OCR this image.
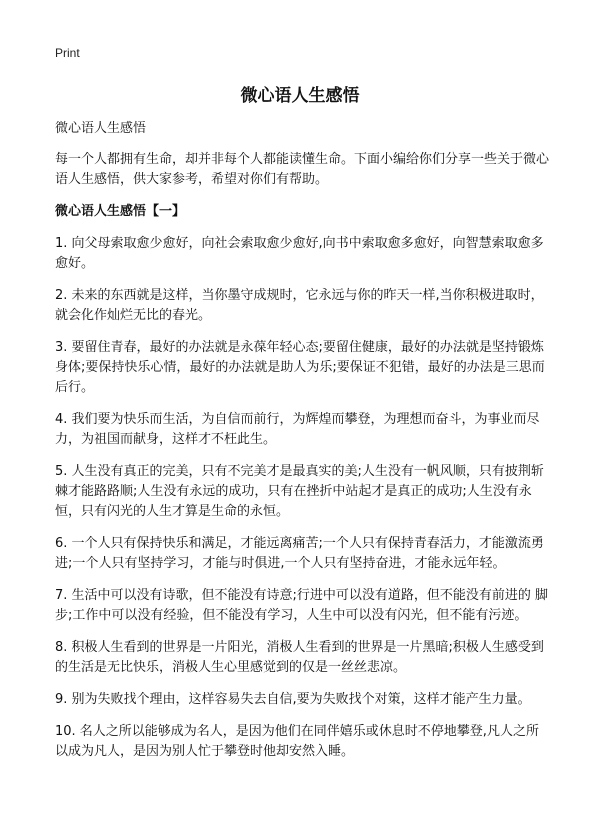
Print
微心语人生感悟

微心语人生感悟

每一个人都拥有生命，却并非每个人都能读懂生命。下面小编给你们分享一些关于微心语人生感悟，供大家参考，希望对你们有帮助。

微心语人生感悟【一】

1. 向父母索取愈少愈好，向社会索取愈少愈好,向书中索取愈多愈好，向智慧索取愈多愈好。

2. 未来的东西就是这样，当你墨守成规时，它永远与你的昨天一样,当你积极进取时，就会化作灿烂无比的春光。

3. 要留住青春，最好的办法就是永葆年轻心态;要留住健康，最好的办法就是坚持锻炼身体;要保持快乐心情，最好的办法就是助人为乐;要保证不犯错，最好的办法是三思而后行。

4. 我们要为快乐而生活，为自信而前行，为辉煌而攀登，为理想而奋斗，为事业而尽力，为祖国而献身，这样才不枉此生。

5. 人生没有真正的完美，只有不完美才是最真实的美;人生没有一帆风顺，只有披荆斩棘才能路路顺;人生没有永远的成功，只有在挫折中站起才是真正的成功;人生没有永恒，只有闪光的人生才算是生命的永恒。

6. 一个人只有保持快乐和满足，才能远离痛苦;一个人只有保持青春活力，才能激流勇进;一个人只有坚持学习，才能与时俱进,一个人只有坚持奋进，才能永远年轻。

7. 生活中可以没有诗歌，但不能没有诗意;行进中可以没有道路，但不能没有前进的 脚步;工作中可以没有经验，但不能没有学习，人生中可以没有闪光，但不能有污迹。

8. 积极人生看到的世界是一片阳光，消极人生看到的世界是一片黑暗;积极人生感受到的生活是无比快乐，消极人生心里感觉到的仅是一丝丝悲凉。

9. 别为失败找个理由，这样容易失去自信,要为失败找个对策，这样才能产生力量。

10. 名人之所以能够成为名人，是因为他们在同伴嬉乐或休息时不停地攀登,凡人之所以成为凡人，是因为别人忙于攀登时他却安然入睡。
